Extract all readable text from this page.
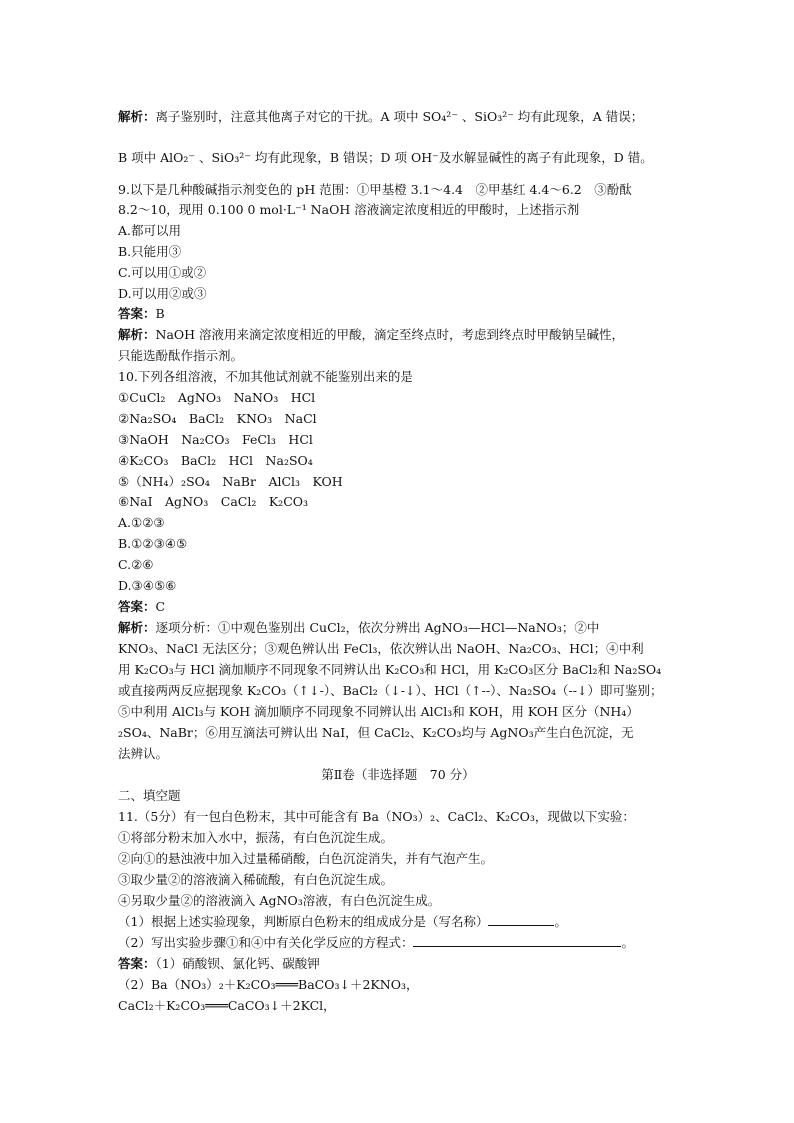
解析：离子鉴别时，注意其他离子对它的干扰。A 项中 SO₄²⁻ 、SiO₃²⁻ 均有此现象，A 错误；
B 项中 AlO₂⁻ 、SiO₃²⁻ 均有此现象，B 错误；D 项 OH⁻及水解显碱性的离子有此现象，D 错。
9.以下是几种酸碱指示剂变色的 pH 范围：①甲基橙 3.1～4.4　②甲基红 4.4～6.2　③酚酞
8.2～10，现用 0.100 0 mol·L⁻¹ NaOH 溶液滴定浓度相近的甲酸时，上述指示剂
A.都可以用
B.只能用③
C.可以用①或②
D.可以用②或③
答案：B
解析：NaOH 溶液用来滴定浓度相近的甲酸，滴定至终点时，考虑到终点时甲酸钠呈碱性，
只能选酚酞作指示剂。
10.下列各组溶液，不加其他试剂就不能鉴别出来的是
①CuCl₂　AgNO₃　NaNO₃　HCl
②Na₂SO₄　BaCl₂　KNO₃　NaCl
③NaOH　Na₂CO₃　FeCl₃　HCl
④K₂CO₃　BaCl₂　HCl　Na₂SO₄
⑤（NH₄）₂SO₄　NaBr　AlCl₃　KOH
⑥NaI　AgNO₃　CaCl₂　K₂CO₃
A.①②③
B.①②③④⑤
C.②⑥
D.③④⑤⑥
答案：C
解析：逐项分析：①中观色鉴别出 CuCl₂，依次分辨出 AgNO₃—HCl—NaNO₃；②中
KNO₃、NaCl 无法区分；③观色辨认出 FeCl₃，依次辨认出 NaOH、Na₂CO₃、HCl；④中利
用 K₂CO₃与 HCl 滴加顺序不同现象不同辨认出 K₂CO₃和 HCl，用 K₂CO₃区分 BaCl₂和 Na₂SO₄
或直接两两反应据现象 K₂CO₃（↑↓-）、BaCl₂（↓-↓）、HCl（↑--）、Na₂SO₄（--↓）即可鉴别；
⑤中利用 AlCl₃与 KOH 滴加顺序不同现象不同辨认出 AlCl₃和 KOH，用 KOH 区分（NH₄）
₂SO₄、NaBr；⑥用互滴法可辨认出 NaI，但 CaCl₂、K₂CO₃均与 AgNO₃产生白色沉淀，无
法辨认。
第Ⅱ卷（非选择题　70 分）
二、填空题
11.（5分）有一包白色粉末，其中可能含有 Ba（NO₃）₂、CaCl₂、K₂CO₃，现做以下实验：
①将部分粉末加入水中，振荡，有白色沉淀生成。
②向①的悬浊液中加入过量稀硝酸，白色沉淀消失，并有气泡产生。
③取少量②的溶液滴入稀硫酸，有白色沉淀生成。
④另取少量②的溶液滴入 AgNO₃溶液，有白色沉淀生成。
（1）根据上述实验现象，判断原白色粉末的组成成分是（写名称）	。
（2）写出实验步骤①和④中有关化学反应的方程式：	。
答案：（1）硝酸钡、氯化钙、碳酸钾
（2）Ba（NO₃）₂＋K₂CO₃═══BaCO₃↓＋2KNO₃，
CaCl₂＋K₂CO₃═══CaCO₃↓＋2KCl，
